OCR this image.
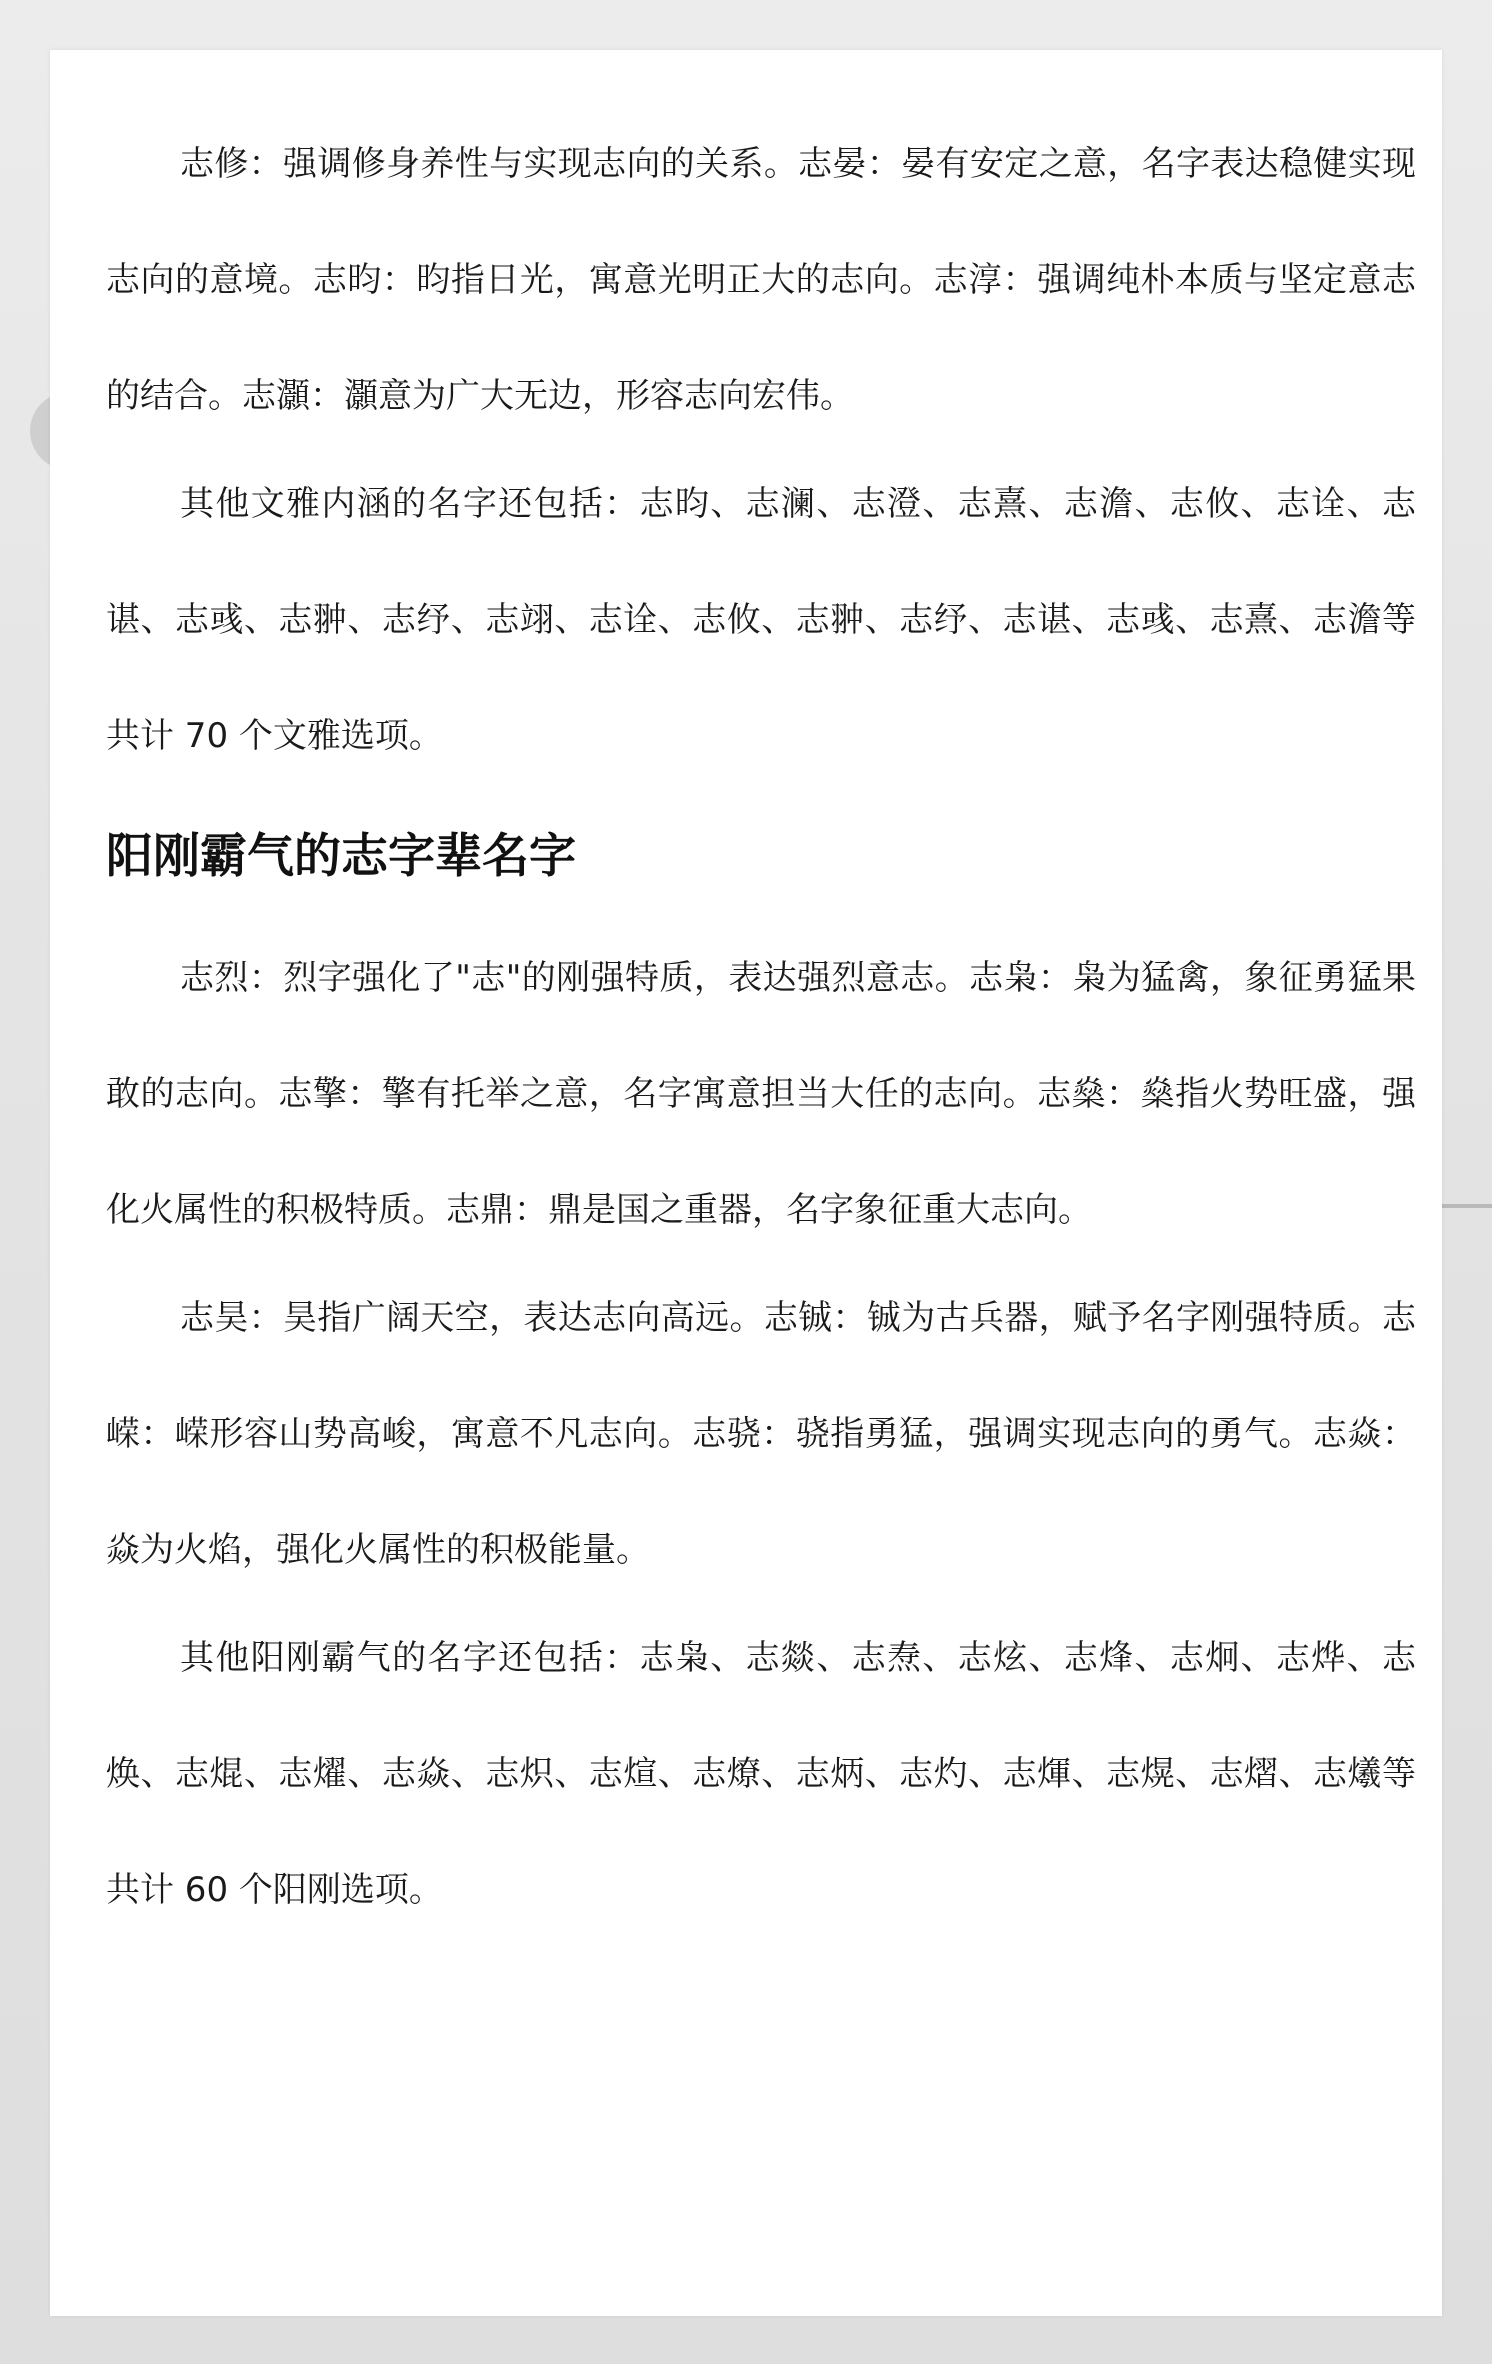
志修：强调修身养性与实现志向的关系。志晏：晏有安定之意，名字表达稳健实现志向的意境。志昀：昀指日光，寓意光明正大的志向。志淳：强调纯朴本质与坚定意志的结合。志灝：灝意为广大无边，形容志向宏伟。

其他文雅内涵的名字还包括：志昀、志澜、志澄、志熹、志澹、志攸、志诠、志谌、志彧、志翀、志纾、志翊、志诠、志攸、志翀、志纾、志谌、志彧、志熹、志澹等共计 70 个文雅选项。

阳刚霸气的志字辈名字

志烈：烈字强化了"志"的刚强特质，表达强烈意志。志枭：枭为猛禽，象征勇猛果敢的志向。志擎：擎有托举之意，名字寓意担当大任的志向。志燊：燊指火势旺盛，强化火属性的积极特质。志鼎：鼎是国之重器，名字象征重大志向。

志昊：昊指广阔天空，表达志向高远。志铖：铖为古兵器，赋予名字刚强特质。志嵘：嵘形容山势高峻，寓意不凡志向。志骁：骁指勇猛，强调实现志向的勇气。志焱：焱为火焰，强化火属性的积极能量。

其他阳刚霸气的名字还包括：志枭、志燚、志焘、志炫、志烽、志炯、志烨、志焕、志焜、志燿、志焱、志炽、志煊、志燎、志炳、志灼、志煇、志熀、志熠、志爔等共计 60 个阳刚选项。
